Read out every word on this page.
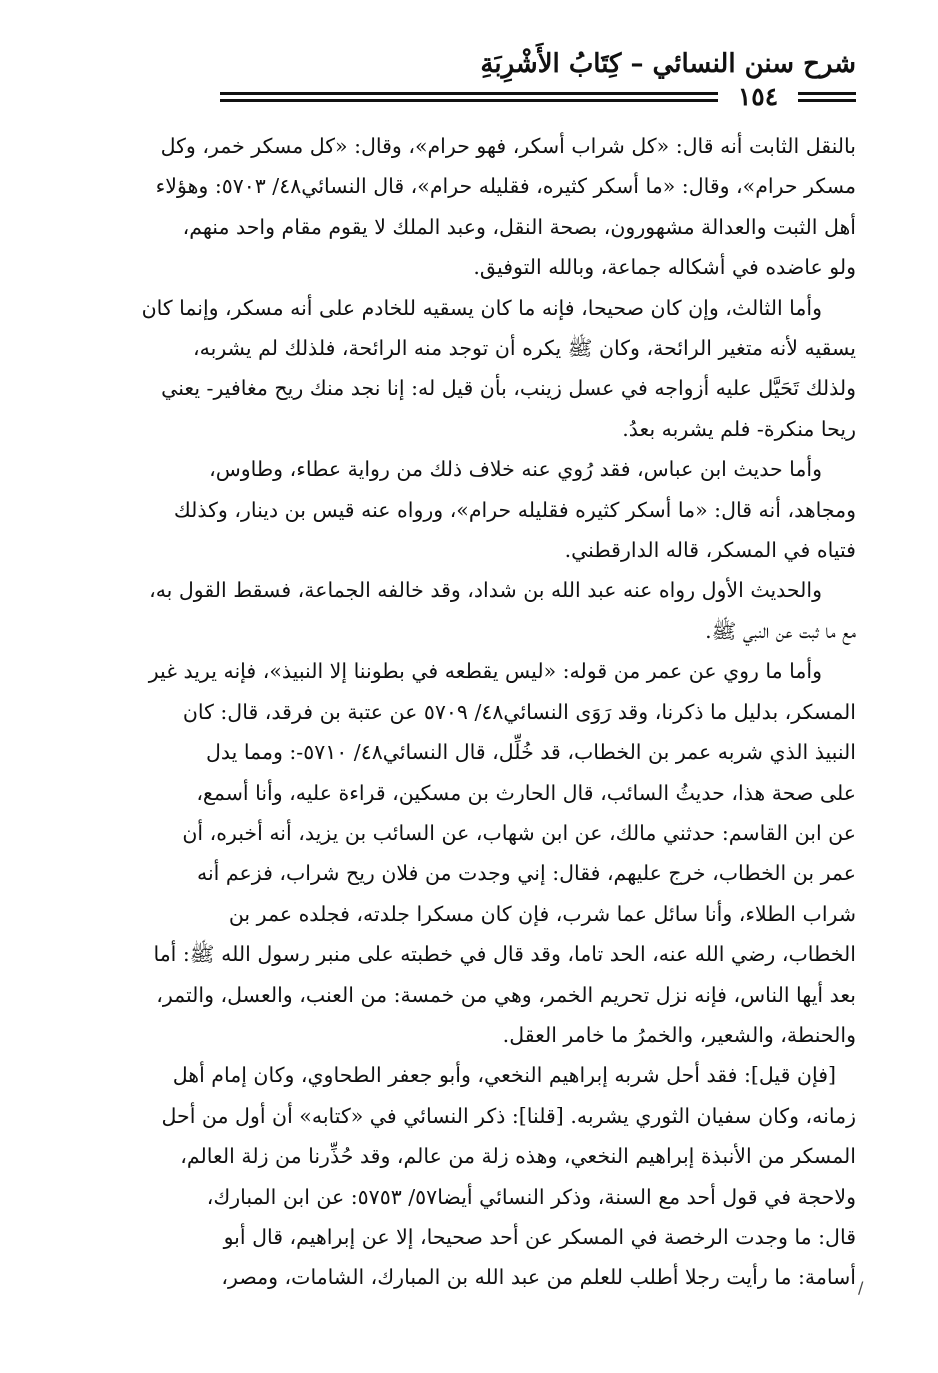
شرح سنن النسائي – كِتَابُ الأَشْرِبَةِ
١٥٤

بالنقل الثابت أنه قال: «كل شراب أسكر، فهو حرام»، وقال: «كل مسكر خمر، وكل
مسكر حرام»، وقال: «ما أسكر كثيره، فقليله حرام»، قال النسائي٤٨/ ٥٧٠٣: وهؤلاء
أهل الثبت والعدالة مشهورون، بصحة النقل، وعبد الملك لا يقوم مقام واحد منهم،
ولو عاضده في أشكاله جماعة، وبالله التوفيق.

وأما الثالث، وإن كان صحيحا، فإنه ما كان يسقيه للخادم على أنه مسكر، وإنما كان
يسقيه لأنه متغير الرائحة، وكان ﷺ يكره أن توجد منه الرائحة، فلذلك لم يشربه،
ولذلك تَحَيَّل عليه أزواجه في عسل زينب، بأن قيل له: إنا نجد منك ريح مغافير- يعني
ريحا منكرة- فلم يشربه بعدُ.

وأما حديث ابن عباس، فقد رُوي عنه خلاف ذلك من رواية عطاء، وطاوس،
ومجاهد، أنه قال: «ما أسكر كثيره فقليله حرام»، ورواه عنه قيس بن دينار، وكذلك
فتياه في المسكر، قاله الدارقطني.

والحديث الأول رواه عنه عبد الله بن شداد، وقد خالفه الجماعة، فسقط القول به،
مع ما ثبت عن النبي ﷺ.

وأما ما روي عن عمر من قوله: «ليس يقطعه في بطوننا إلا النبيذ»، فإنه يريد غير
المسكر، بدليل ما ذكرنا، وقد رَوَى النسائي٤٨/ ٥٧٠٩ عن عتبة بن فرقد، قال: كان
النبيذ الذي شربه عمر بن الخطاب، قد خُلِّل، قال النسائي٤٨/ ٥٧١٠-: ومما يدل
على صحة هذا، حديثُ السائب، قال الحارث بن مسكين، قراءة عليه، وأنا أسمع،
عن ابن القاسم: حدثني مالك، عن ابن شهاب، عن السائب بن يزيد، أنه أخبره، أن
عمر بن الخطاب، خرج عليهم، فقال: إني وجدت من فلان ريح شراب، فزعم أنه
شراب الطلاء، وأنا سائل عما شرب، فإن كان مسكرا جلدته، فجلده عمر بن
الخطاب، رضي الله عنه، الحد تاما، وقد قال في خطبته على منبر رسول الله ﷺ: أما
بعد أيها الناس، فإنه نزل تحريم الخمر، وهي من خمسة: من العنب، والعسل، والتمر،
والحنطة، والشعير، والخمرُ ما خامر العقل.

[فإن قيل]: فقد أحل شربه إبراهيم النخعي، وأبو جعفر الطحاوي، وكان إمام أهل
زمانه، وكان سفيان الثوري يشربه. [قلنا]: ذكر النسائي في «كتابه» أن أول من أحل
المسكر من الأنبذة إبراهيم النخعي، وهذه زلة من عالم، وقد حُذِّرنا من زلة العالم،
ولاحجة في قول أحد مع السنة، وذكر النسائي أيضا٥٧/ ٥٧٥٣: عن ابن المبارك،
قال: ما وجدت الرخصة في المسكر عن أحد صحيحا، إلا عن إبراهيم، قال أبو
أسامة: ما رأيت رجلا أطلب للعلم من عبد الله بن المبارك، الشامات، ومصر، /
